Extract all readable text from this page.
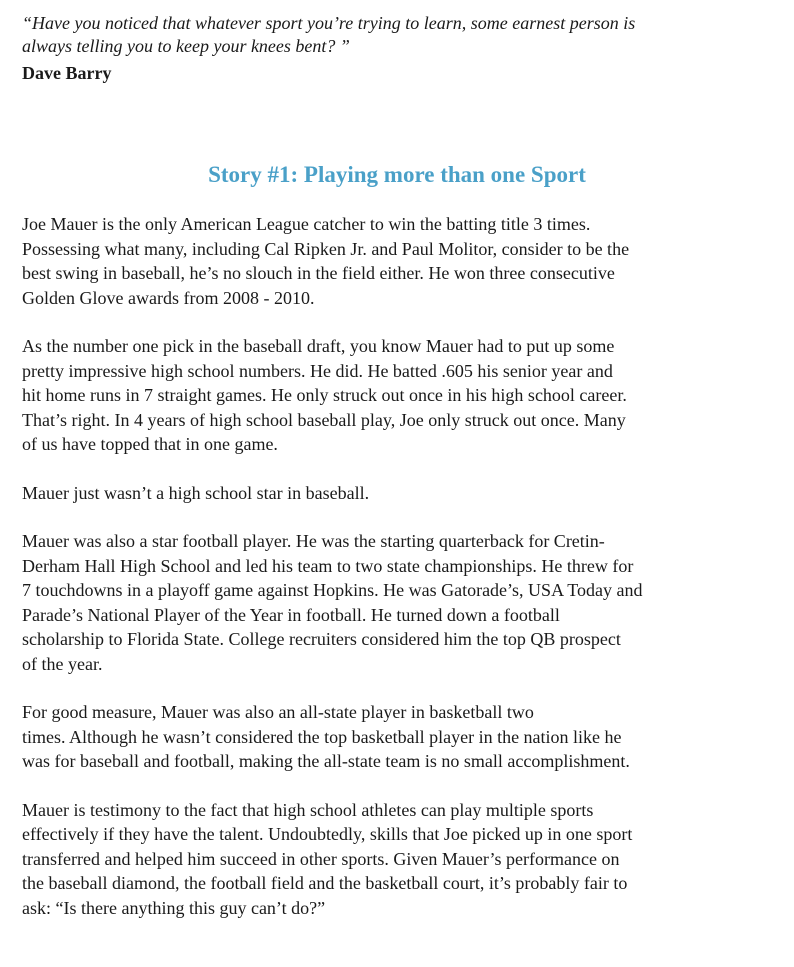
“Have you noticed that whatever sport you’re trying to learn, some earnest person is
always telling you to keep your knees bent? ”
Dave Barry
Story #1: Playing more than one Sport

Joe Mauer is the only American League catcher to win the batting title 3 times.
Possessing what many, including Cal Ripken Jr. and Paul Molitor, consider to be the
best swing in baseball, he’s no slouch in the field either. He won three consecutive
Golden Glove awards from 2008 - 2010.

As the number one pick in the baseball draft, you know Mauer had to put up some
pretty impressive high school numbers. He did. He batted .605 his senior year and
hit home runs in 7 straight games. He only struck out once in his high school career.
That’s right. In 4 years of high school baseball play, Joe only struck out once. Many
of us have topped that in one game.

Mauer just wasn’t a high school star in baseball.

Mauer was also a star football player. He was the starting quarterback for Cretin-
Derham Hall High School and led his team to two state championships. He threw for
7 touchdowns in a playoff game against Hopkins. He was Gatorade’s, USA Today and
Parade’s National Player of the Year in football. He turned down a football
scholarship to Florida State. College recruiters considered him the top QB prospect
of the year.

For good measure, Mauer was also an all-state player in basketball two
times. Although he wasn’t considered the top basketball player in the nation like he
was for baseball and football, making the all-state team is no small accomplishment.

Mauer is testimony to the fact that high school athletes can play multiple sports
effectively if they have the talent. Undoubtedly, skills that Joe picked up in one sport
transferred and helped him succeed in other sports. Given Mauer’s performance on
the baseball diamond, the football field and the basketball court, it’s probably fair to
ask: “Is there anything this guy can’t do?”
